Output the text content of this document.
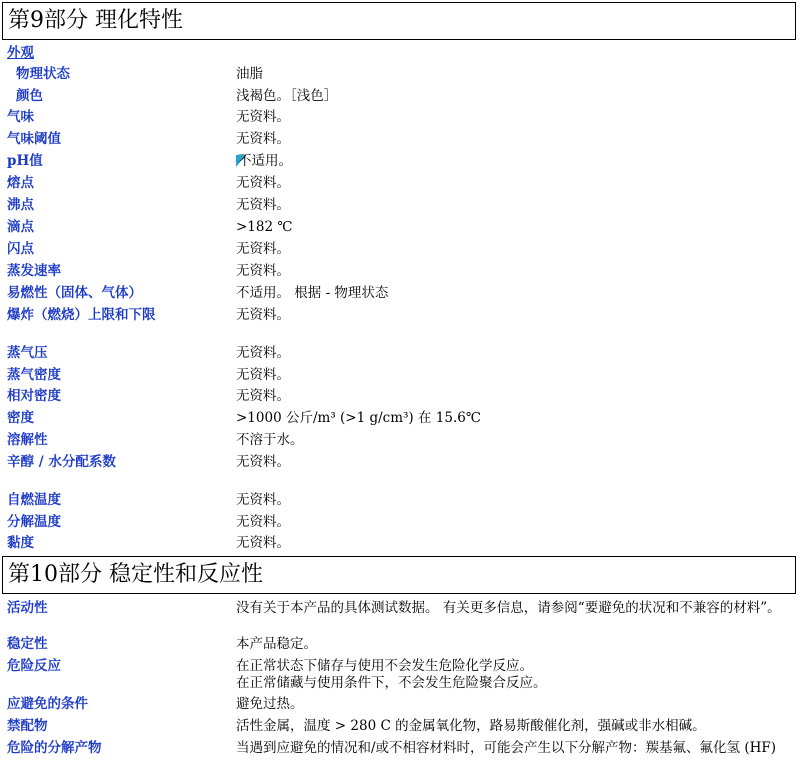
第9部分 理化特性
外观
物理状态	油脂
颜色	浅褐色。［浅色］
气味	无资料。
气味阈值	无资料。
pH值	不适用。
熔点	无资料。
沸点	无资料。
滴点	>182 ℃
闪点	无资料。
蒸发速率	无资料。
易燃性（固体、气体）	不适用。 根据 - 物理状态
爆炸（燃烧）上限和下限	无资料。
蒸气压	无资料。
蒸气密度	无资料。
相对密度	无资料。
密度	>1000 公斤/m³ (>1 g/cm³) 在 15.6℃
溶解性	不溶于水。
辛醇 / 水分配系数	无资料。
自燃温度	无资料。
分解温度	无资料。
黏度	无资料。
第10部分 稳定性和反应性
活动性	没有关于本产品的具体测试数据。 有关更多信息，请参阅“要避免的状况和不兼容的材料”。
稳定性	本产品稳定。
危险反应	在正常状态下储存与使用不会发生危险化学反应。
在正常储藏与使用条件下，不会发生危险聚合反应。
应避免的条件	避免过热。
禁配物	活性金属，温度 > 280 C 的金属氧化物，路易斯酸催化剂，强碱或非水相碱。
危险的分解产物	当遇到应避免的情况和/或不相容材料时，可能会产生以下分解产物：羰基氟、氟化氢 (HF)
